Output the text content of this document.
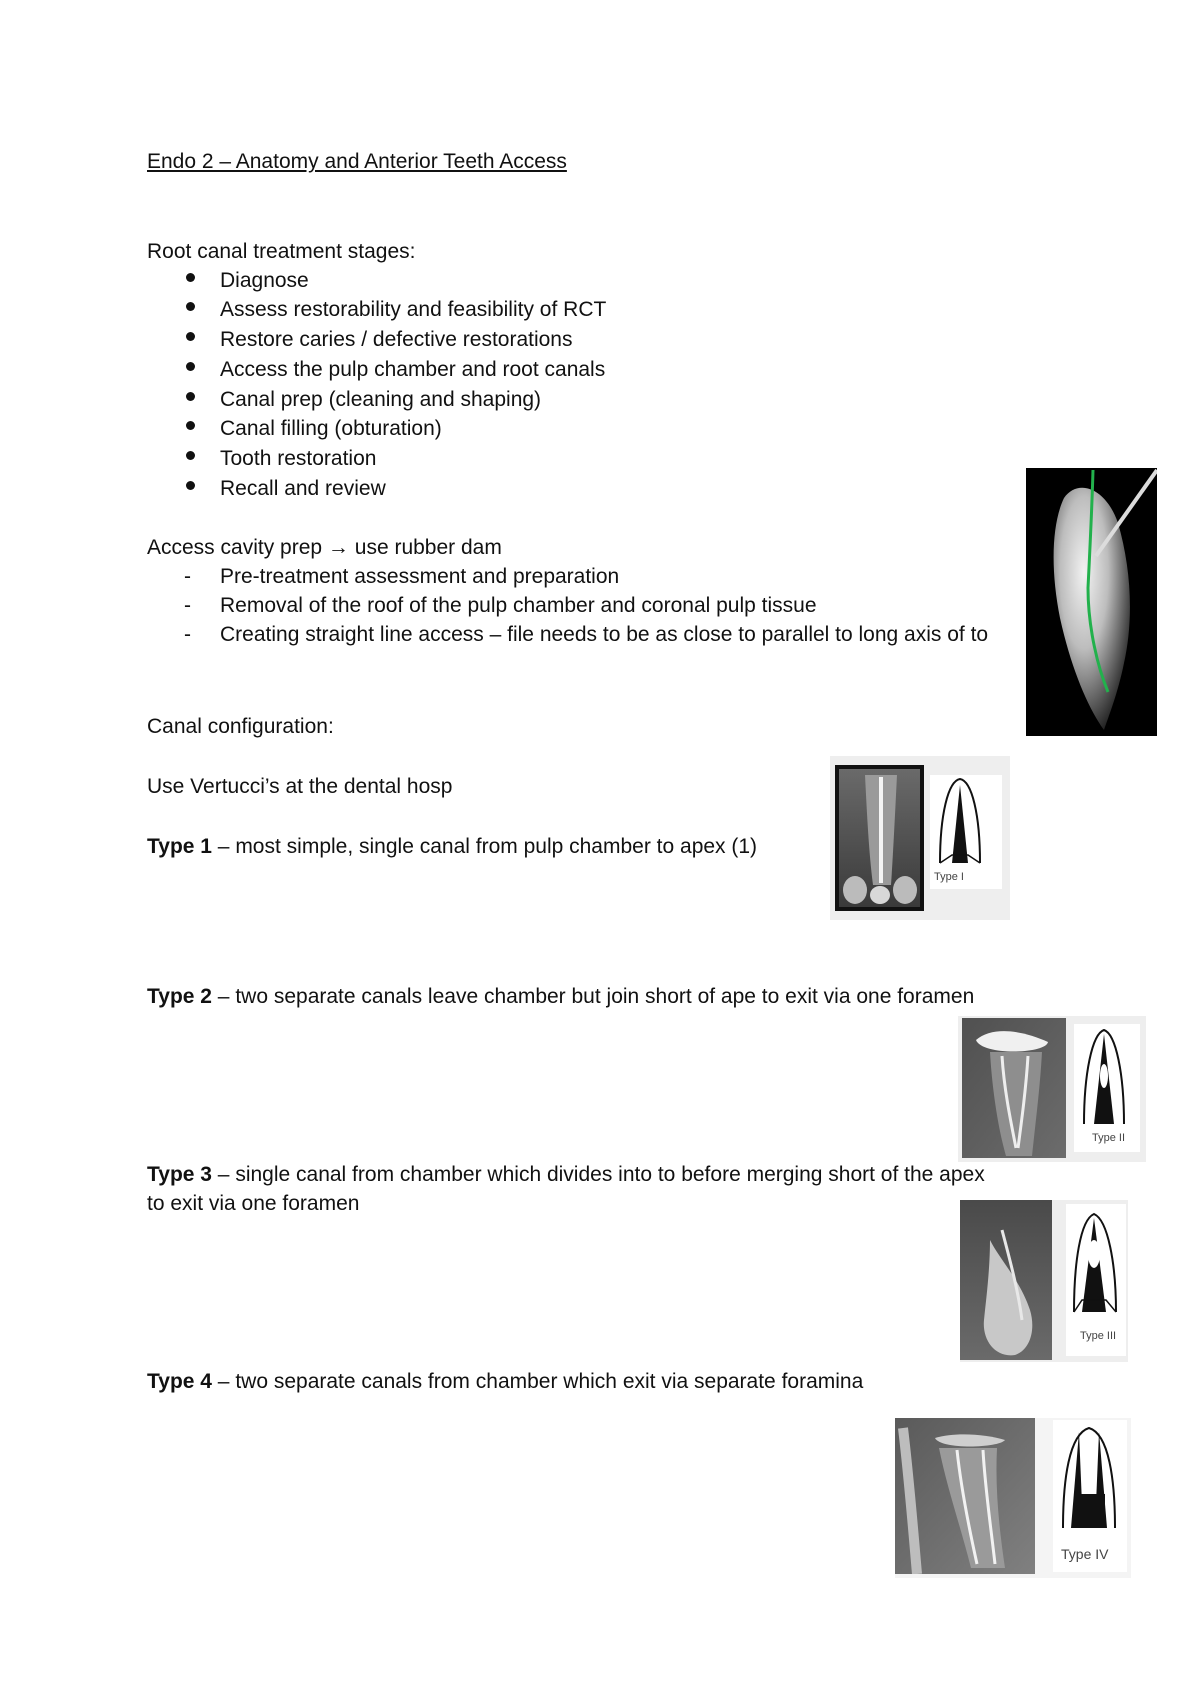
Endo 2 – Anatomy and Anterior Teeth Access
Root canal treatment stages:
Diagnose
Assess restorability and feasibility of RCT
Restore caries / defective restorations
Access the pulp chamber and root canals
Canal prep (cleaning and shaping)
Canal filling (obturation)
Tooth restoration
Recall and review
Access cavity prep → use rubber dam
- Pre-treatment assessment and preparation
- Removal of the roof of the pulp chamber and coronal pulp tissue
- Creating straight line access – file needs to be as close to parallel to long axis of to
Canal configuration:
Use Vertucci’s at the dental hosp
Type 1 – most simple, single canal from pulp chamber to apex (1)
Type I
Type 2 – two separate canals leave chamber but join short of ape to exit via one foramen
Type II
Type 3 – single canal from chamber which divides into to before merging short of the apex
to exit via one foramen
Type III
Type 4 – two separate canals from chamber which exit via separate foramina
Type IV
